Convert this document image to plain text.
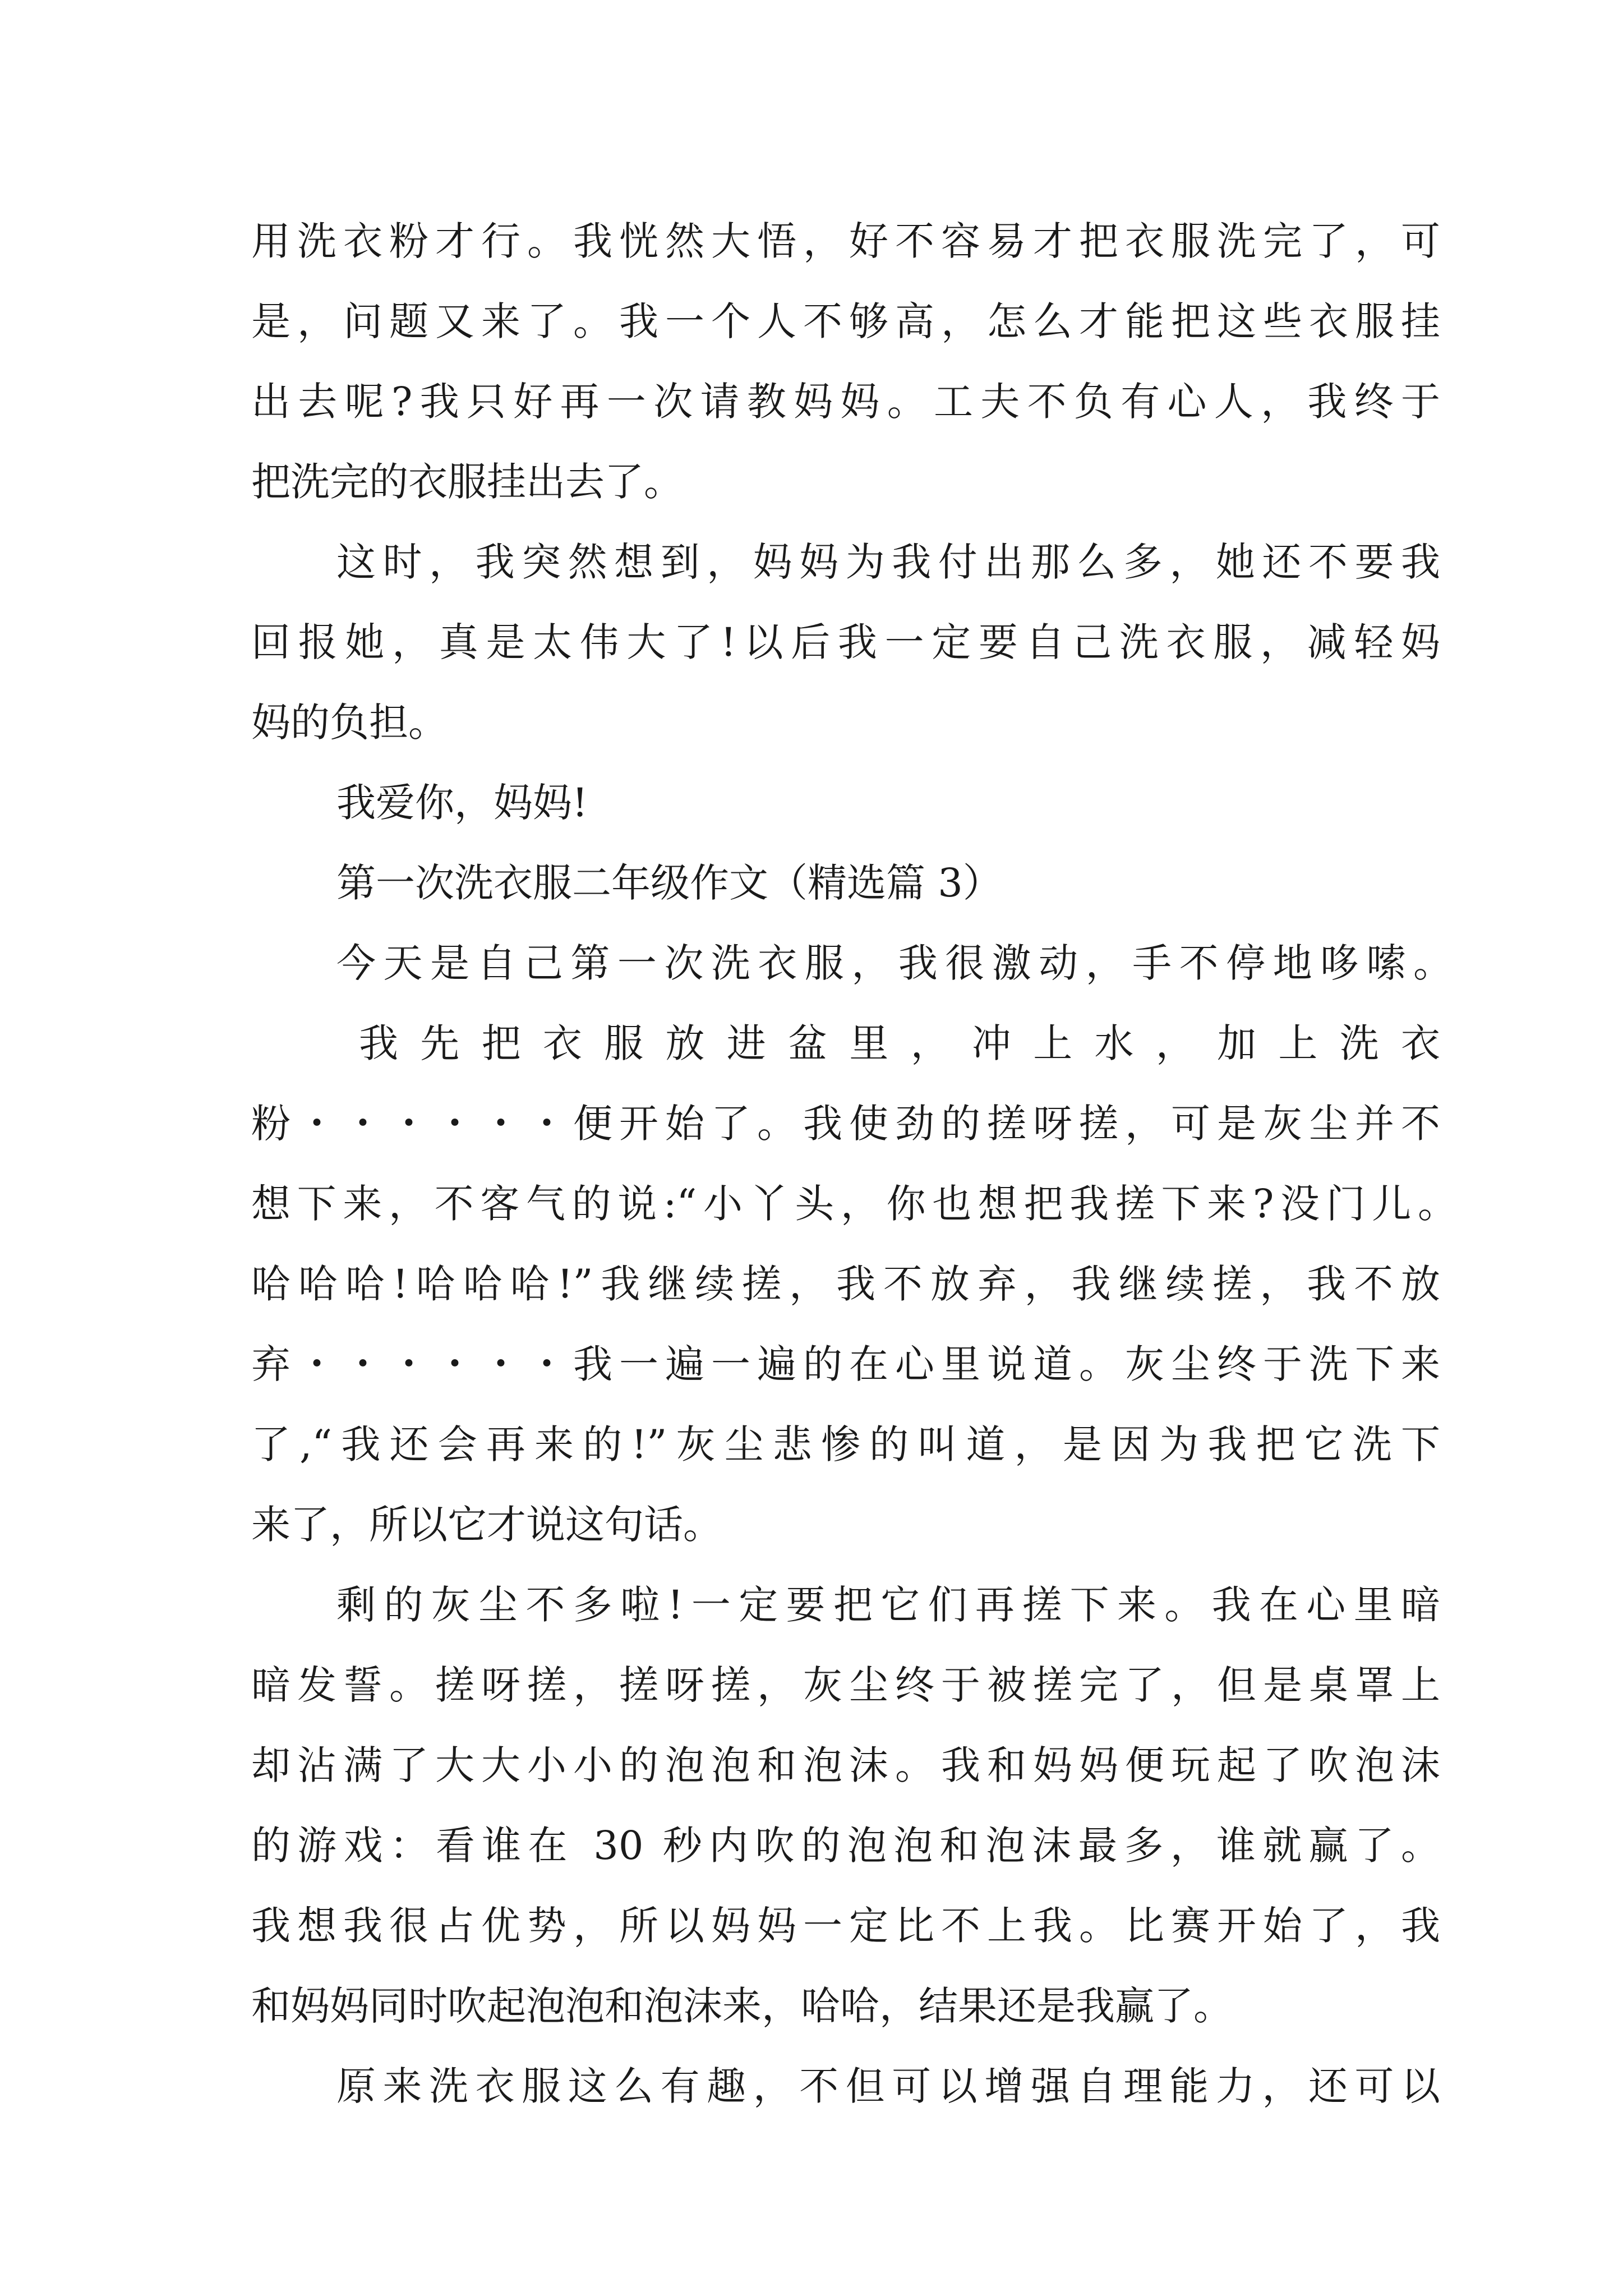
用洗衣粉才行。我恍然大悟，好不容易才把衣服洗完了，可
是，问题又来了。我一个人不够高，怎么才能把这些衣服挂
出去呢?我只好再一次请教妈妈。工夫不负有心人，我终于
把洗完的衣服挂出去了。
这时，我突然想到，妈妈为我付出那么多，她还不要我
回报她，真是太伟大了!以后我一定要自己洗衣服，减轻妈
妈的负担。
我爱你，妈妈!
第一次洗衣服二年级作文（精选篇 3）
今天是自己第一次洗衣服，我很激动，手不停地哆嗦。
我 先 把 衣 服 放 进 盆 里 ， 冲 上 水 ， 加 上 洗 衣
粉・・・・・・便开始了。我使劲的搓呀搓，可是灰尘并不
想下来，不客气的说:“小丫头，你也想把我搓下来?没门儿。
哈哈哈!哈哈哈!”我继续搓，我不放弃，我继续搓，我不放
弃・・・・・・我一遍一遍的在心里说道。灰尘终于洗下来
了,“我还会再来的!”灰尘悲惨的叫道，是因为我把它洗下
来了，所以它才说这句话。
剩的灰尘不多啦!一定要把它们再搓下来。我在心里暗
暗发誓。搓呀搓，搓呀搓，灰尘终于被搓完了，但是桌罩上
却沾满了大大小小的泡泡和泡沫。我和妈妈便玩起了吹泡沫
的游戏：看谁在 30 秒内吹的泡泡和泡沫最多，谁就赢了。
我想我很占优势，所以妈妈一定比不上我。比赛开始了，我
和妈妈同时吹起泡泡和泡沫来，哈哈，结果还是我赢了。
原来洗衣服这么有趣，不但可以增强自理能力，还可以
